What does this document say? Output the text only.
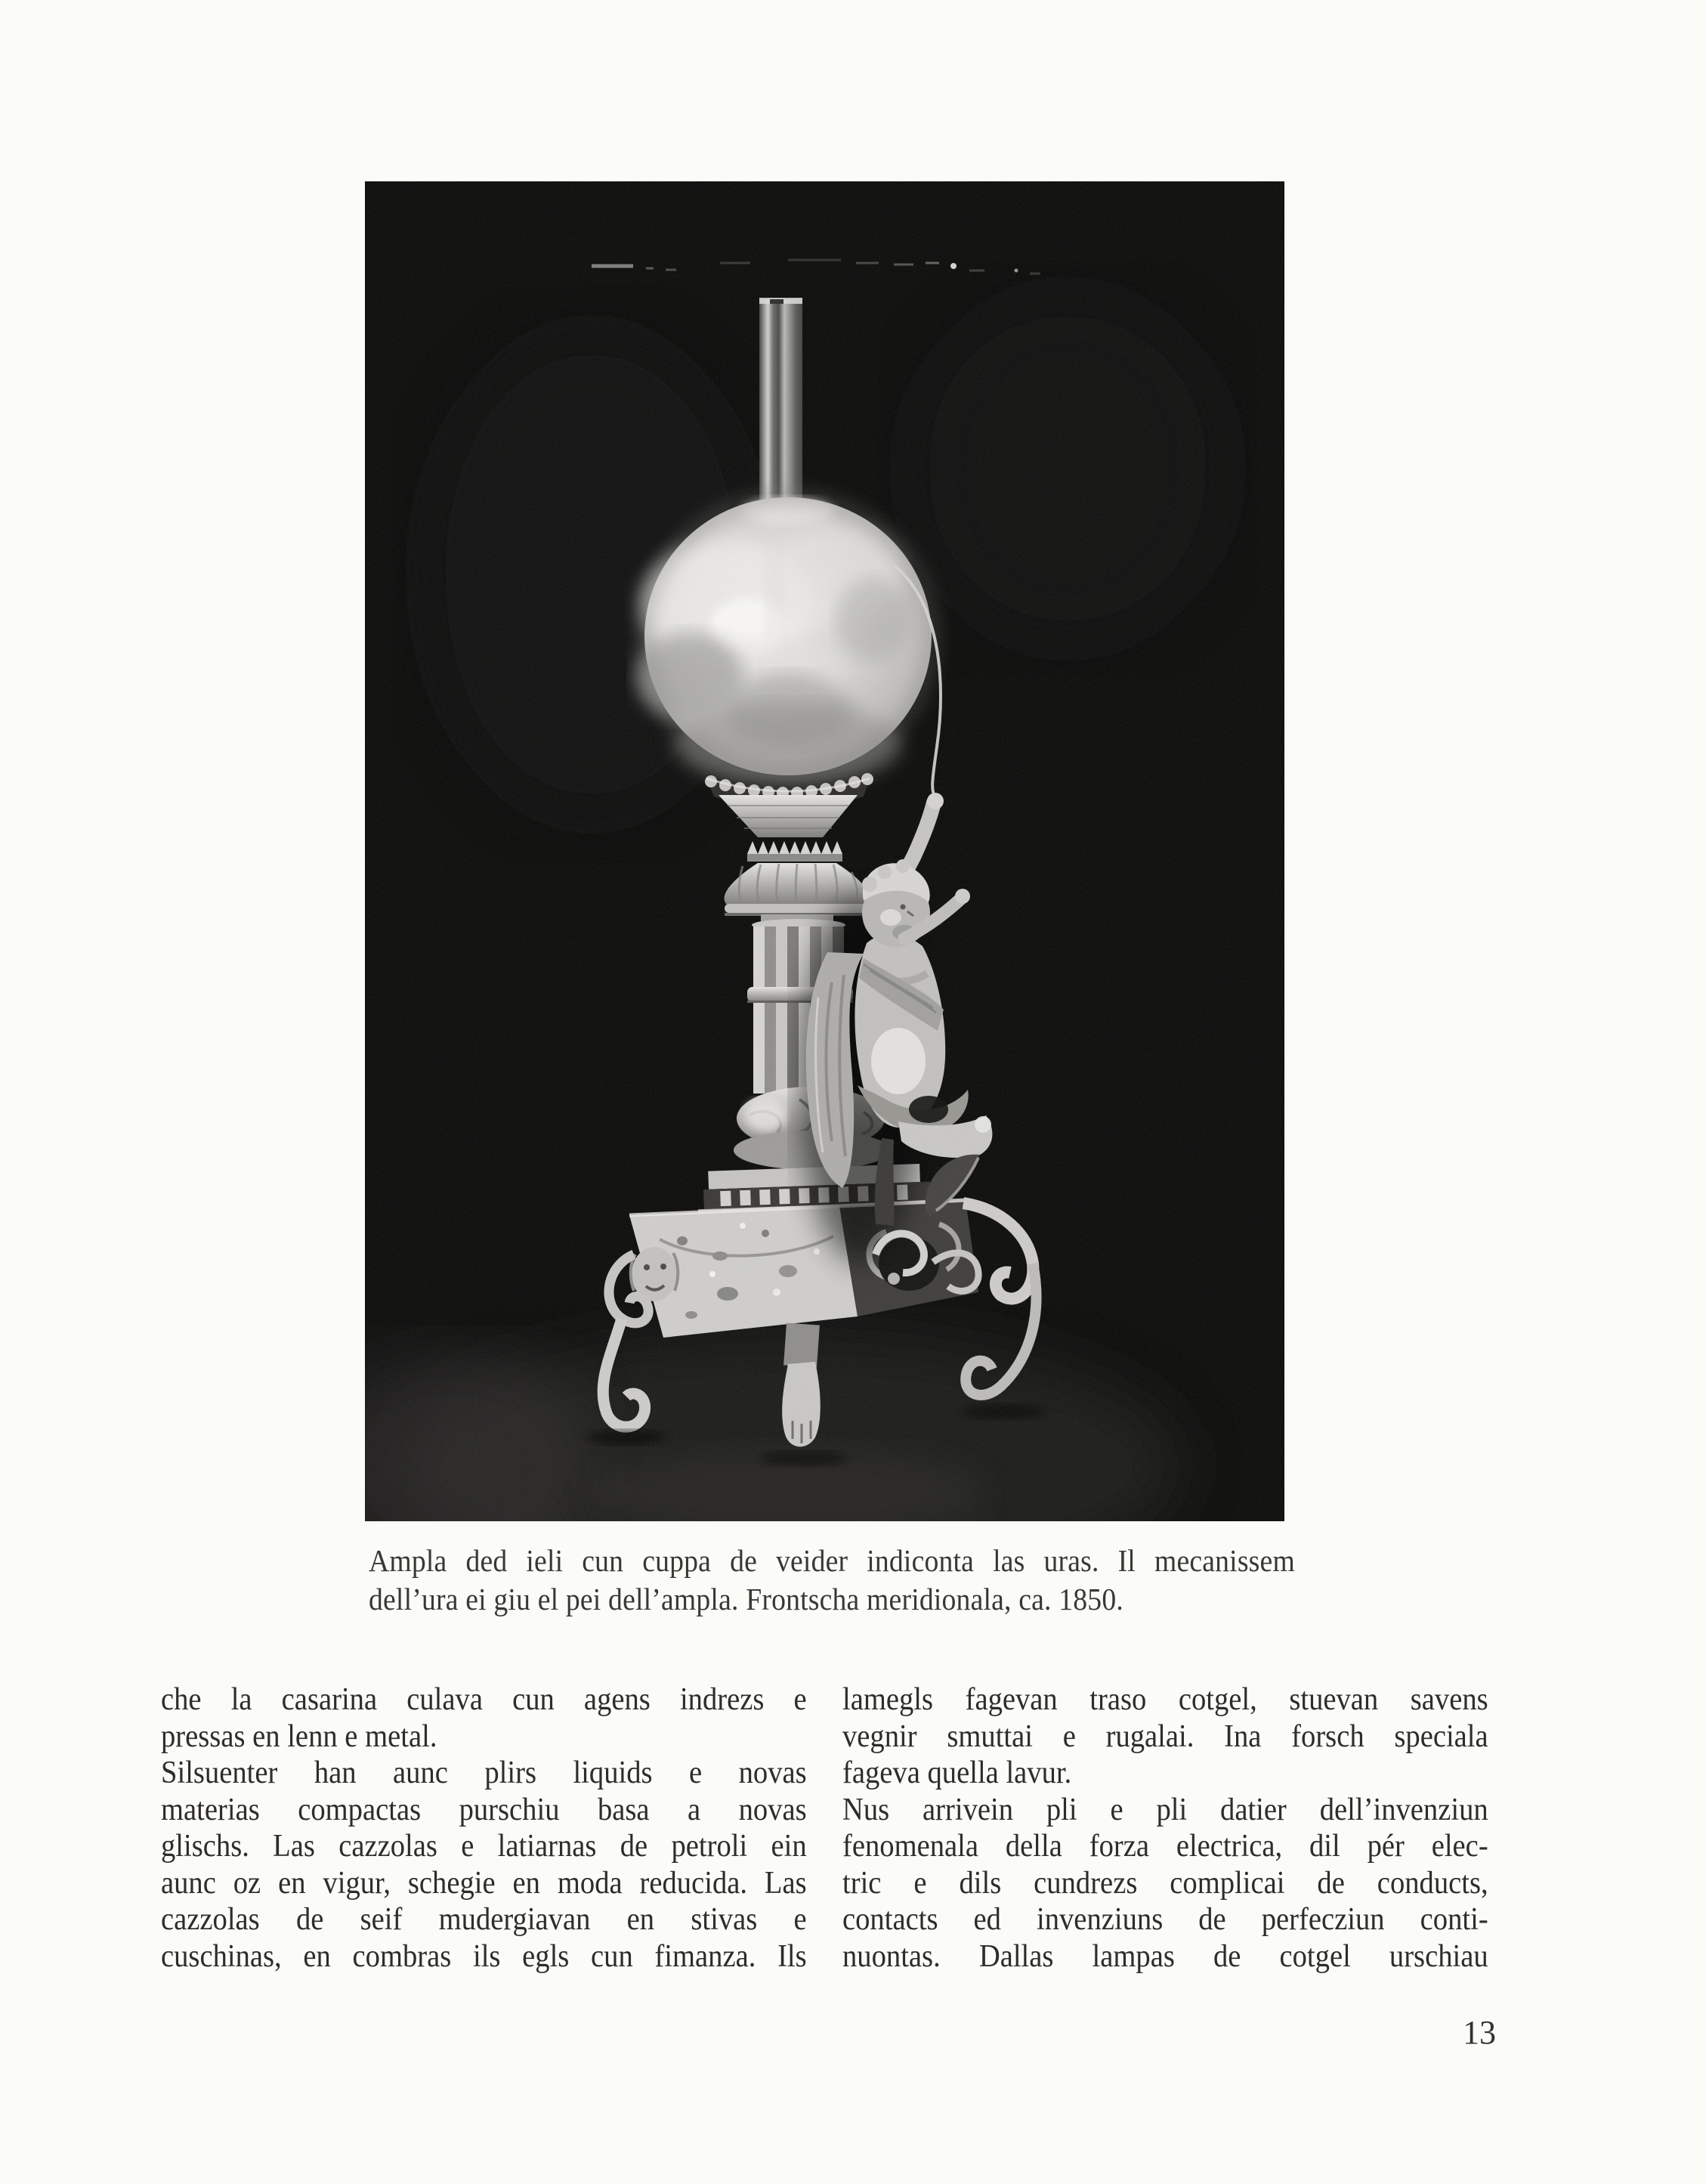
Ampla ded ieli cun cuppa de veider indiconta las uras. Il mecanissem
dell’ura ei giu el pei dell’ampla. Frontscha meridionala, ca. 1850.
che la casarina culava cun agens indrezs e
pressas en lenn e metal.
Silsuenter han aunc plirs liquids e novas
materias compactas purschiu basa a novas
glischs. Las cazzolas e latiarnas de petroli ein
aunc oz en vigur, schegie en moda reducida. Las
cazzolas de seif mudergiavan en stivas e
cuschinas, en combras ils egls cun fimanza. Ils
lamegls fagevan traso cotgel, stuevan savens
vegnir smuttai e rugalai. Ina forsch speciala
fageva quella lavur.
Nus arrivein pli e pli datier dell’invenziun
fenomenala della forza electrica, dil pér elec-
tric e dils cundrezs complicai de conducts,
contacts ed invenziuns de perfecziun conti-
nuontas. Dallas lampas de cotgel urschiau
13
